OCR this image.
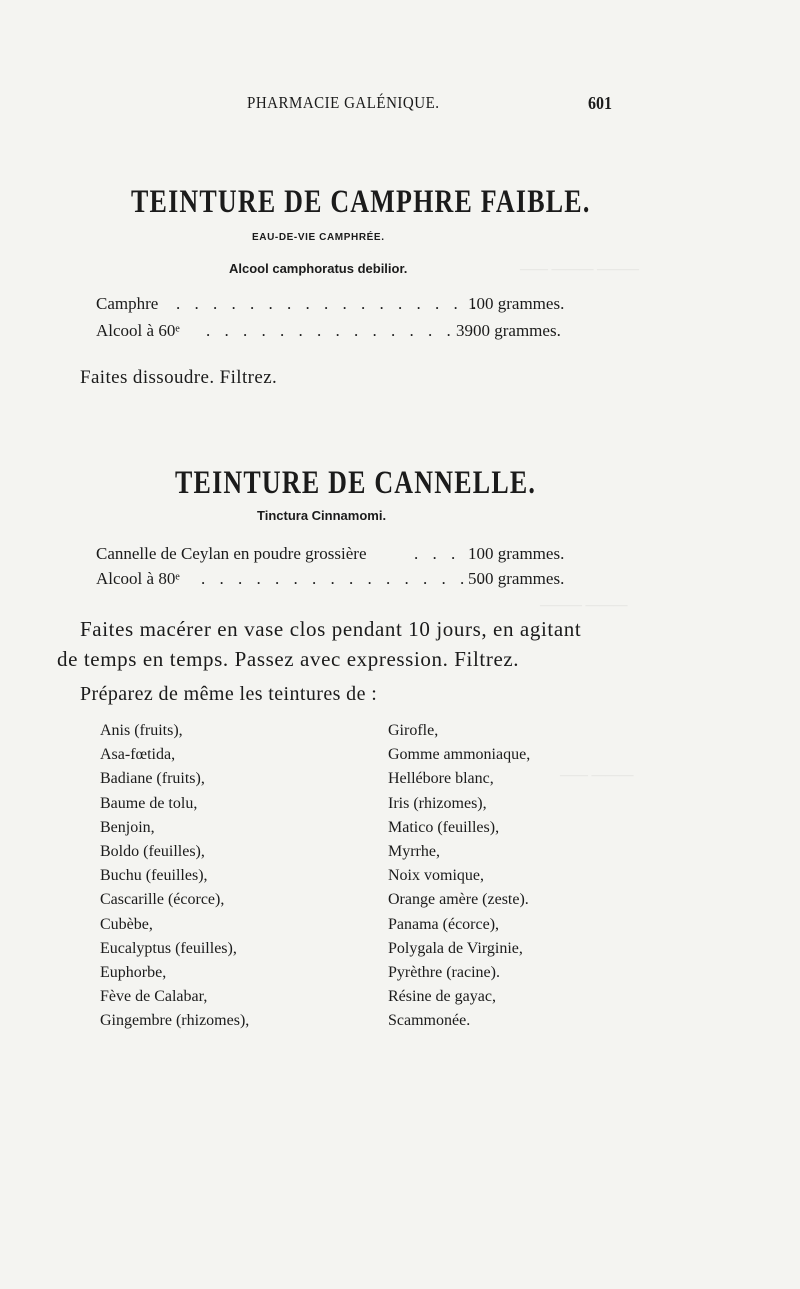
—— ——— ———
——— ———
—— ———
PHARMACIE GALÉNIQUE.	601
TEINTURE DE CAMPHRE FAIBLE.
EAU-DE-VIE CAMPHRÉE.
Alcool camphoratus debilior.
Camphre . . . . . . . . . . . . . . . . .
100 grammes.
Alcool à 60ᵉ . . . . . . . . . . . . . . 3900 grammes.
Faites dissoudre. Filtrez.
TEINTURE DE CANNELLE.
Tinctura Cinnamomi.
Cannelle de Ceylan en poudre grossière	. . . 100 grammes.
Alcool à 80ᵉ . . . . . . . . . . . . . . . .
500 grammes.
Faites macérer en vase clos pendant 10 jours, en agitant
de temps en temps. Passez avec expression. Filtrez.
Préparez de même les teintures de :
Anis (fruits),
Asa-fœtida,
Badiane (fruits),
Baume de tolu,
Benjoin,
Boldo (feuilles),
Buchu (feuilles),
Cascarille (écorce),
Cubèbe,
Eucalyptus (feuilles),
Euphorbe,
Fève de Calabar,
Gingembre (rhizomes),
Girofle,
Gomme ammoniaque,
Hellébore blanc,
Iris (rhizomes),
Matico (feuilles),
Myrrhe,
Noix vomique,
Orange amère (zeste).
Panama (écorce),
Polygala de Virginie,
Pyrèthre (racine).
Résine de gayac,
Scammonée.
